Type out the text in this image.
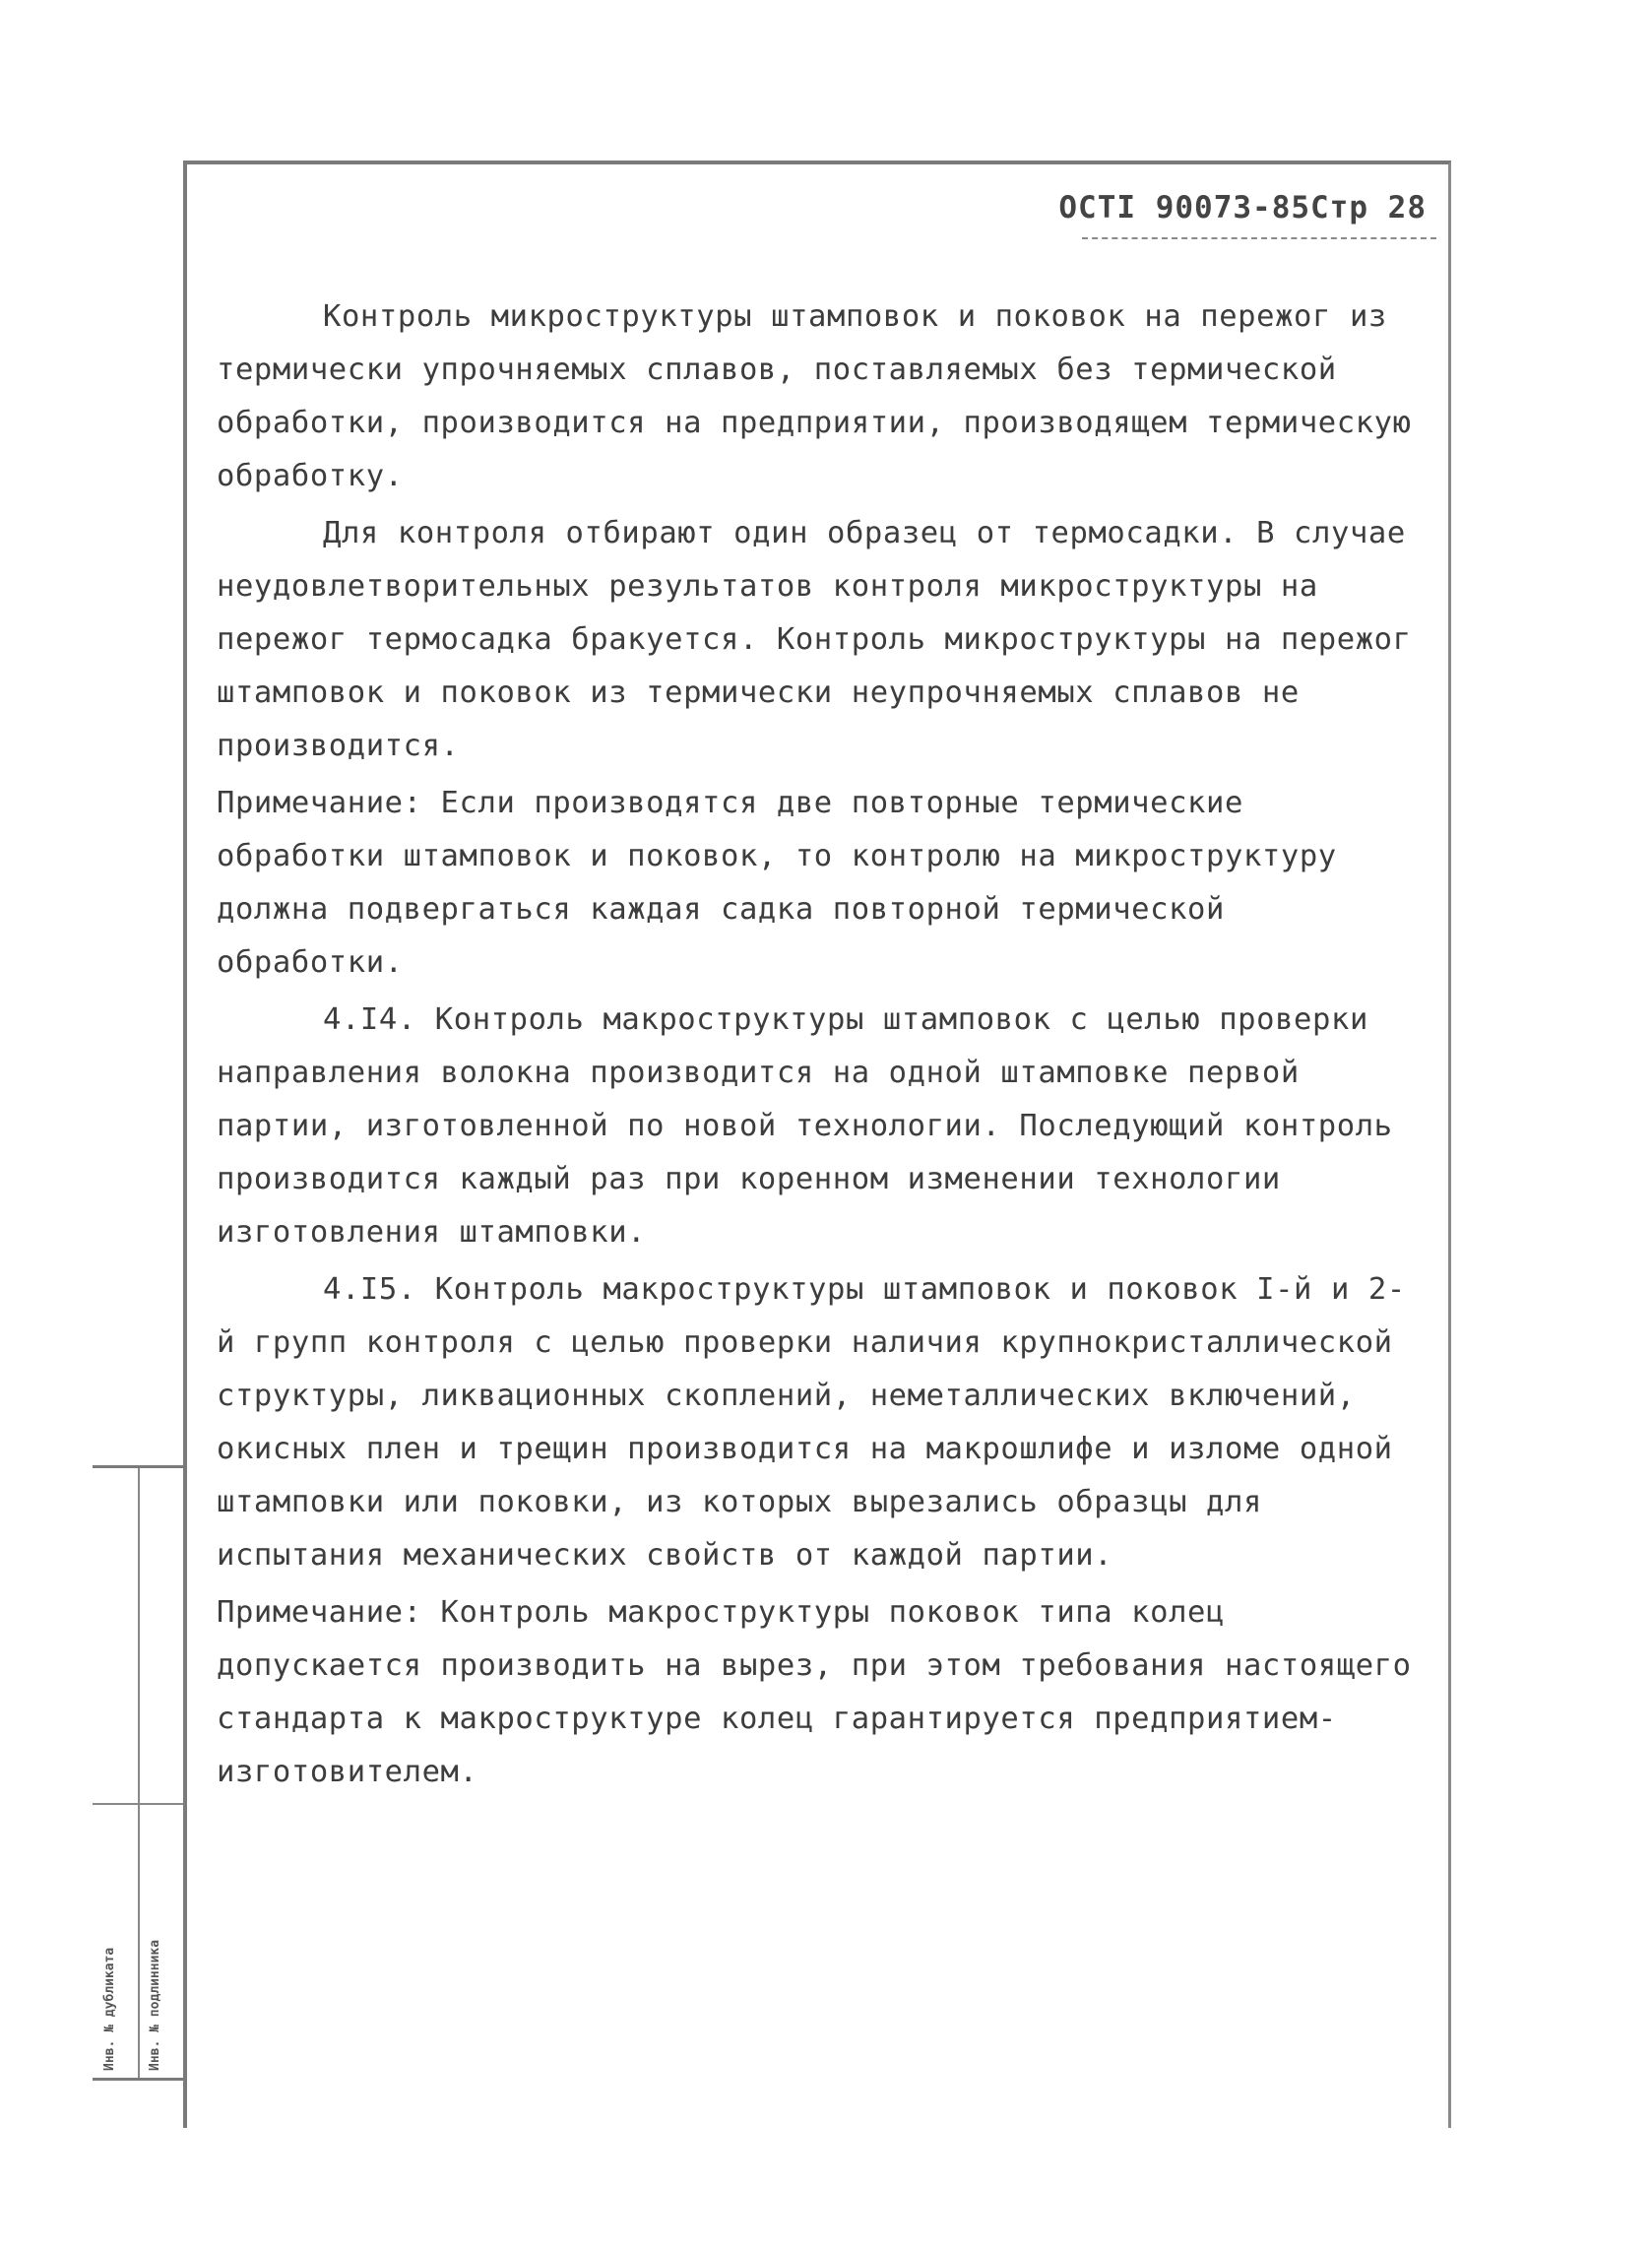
ОСТI 90073-85Стр 28

Контроль микроструктуры штамповок и поковок на пережог из термически упрочняемых сплавов, поставляемых без термической обработки, производится на предприятии, производящем термическую обработку.

Для контроля отбирают один образец от термосадки. В случае неудовлетворительных результатов контроля микроструктуры на пережог термосадка бракуется. Контроль микроструктуры на пережог штамповок и поковок из термически неупрочняемых сплавов не производится.

Примечание: Если производятся две повторные термические обработки штамповок и поковок, то контролю на микроструктуру должна подвергаться каждая садка повторной термической обработки.

4.I4. Контроль макроструктуры штамповок с целью проверки направления волокна производится на одной штамповке первой партии, изготовленной по новой технологии. Последующий контроль производится каждый раз при коренном изменении технологии изготовления штамповки.

4.I5. Контроль макроструктуры штамповок и поковок I-й и 2-й групп контроля с целью проверки наличия крупнокристаллической структуры, ликвационных скоплений, неметаллических включений, окисных плен и трещин производится на макрошлифе и изломе одной штамповки или поковки, из которых вырезались образцы для испытания механических свойств от каждой партии.

Примечание: Контроль макроструктуры поковок типа колец допускается производить на вырез, при этом требования настоящего стандарта к макроструктуре колец гарантируется предприятием-изготовителем.

Инв. № дубликата Инв. № подлинника
